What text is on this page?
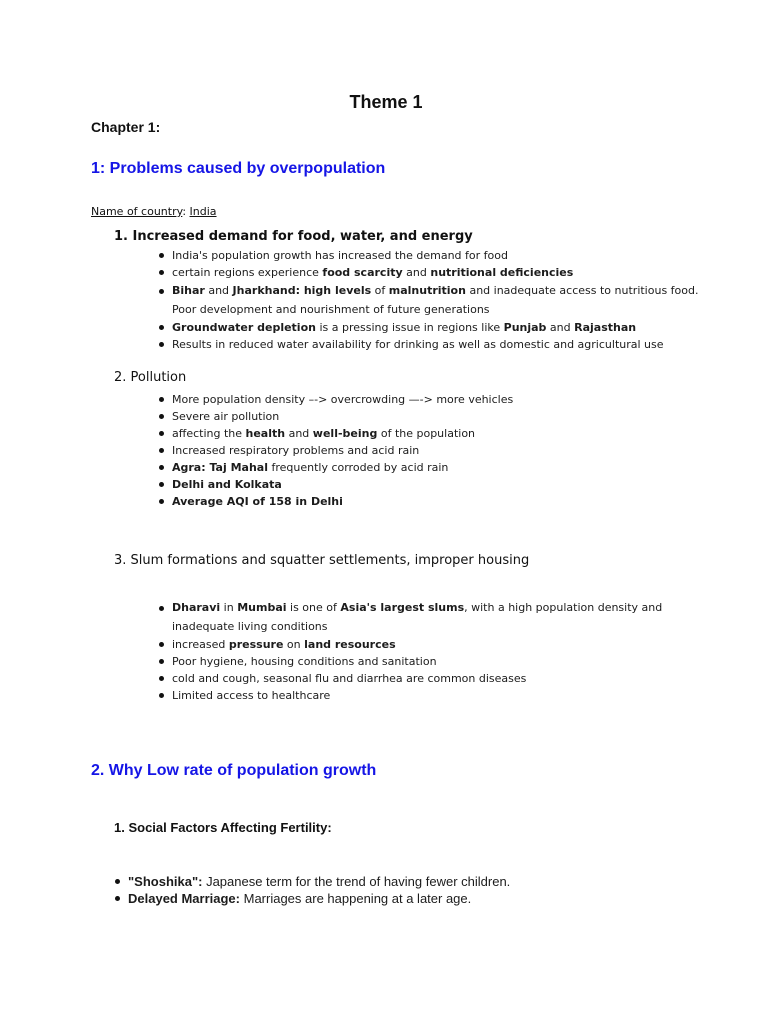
Theme 1
Chapter 1:
1: Problems caused by overpopulation
Name of country: India
1. Increased demand for food, water, and energy
India's population growth has increased the demand for food
certain regions experience food scarcity and nutritional deficiencies
Bihar and Jharkhand: high levels of malnutrition and inadequate access to nutritious food. Poor development and nourishment of future generations
Groundwater depletion is a pressing issue in regions like Punjab and Rajasthan
Results in reduced water availability for drinking as well as domestic and agricultural use
2. Pollution
More population density –-> overcrowding —-> more vehicles
Severe air pollution
affecting the health and well-being of the population
Increased respiratory problems and acid rain
Agra: Taj Mahal frequently corroded by acid rain
Delhi and Kolkata
Average AQI of 158 in Delhi
3. Slum formations and squatter settlements, improper housing
Dharavi in Mumbai is one of Asia's largest slums, with a high population density and inadequate living conditions
increased pressure on land resources
Poor hygiene, housing conditions and sanitation
cold and cough, seasonal flu and diarrhea are common diseases
Limited access to healthcare
2. Why Low rate of population growth
1. Social Factors Affecting Fertility:
"Shoshika": Japanese term for the trend of having fewer children.
Delayed Marriage: Marriages are happening at a later age.
